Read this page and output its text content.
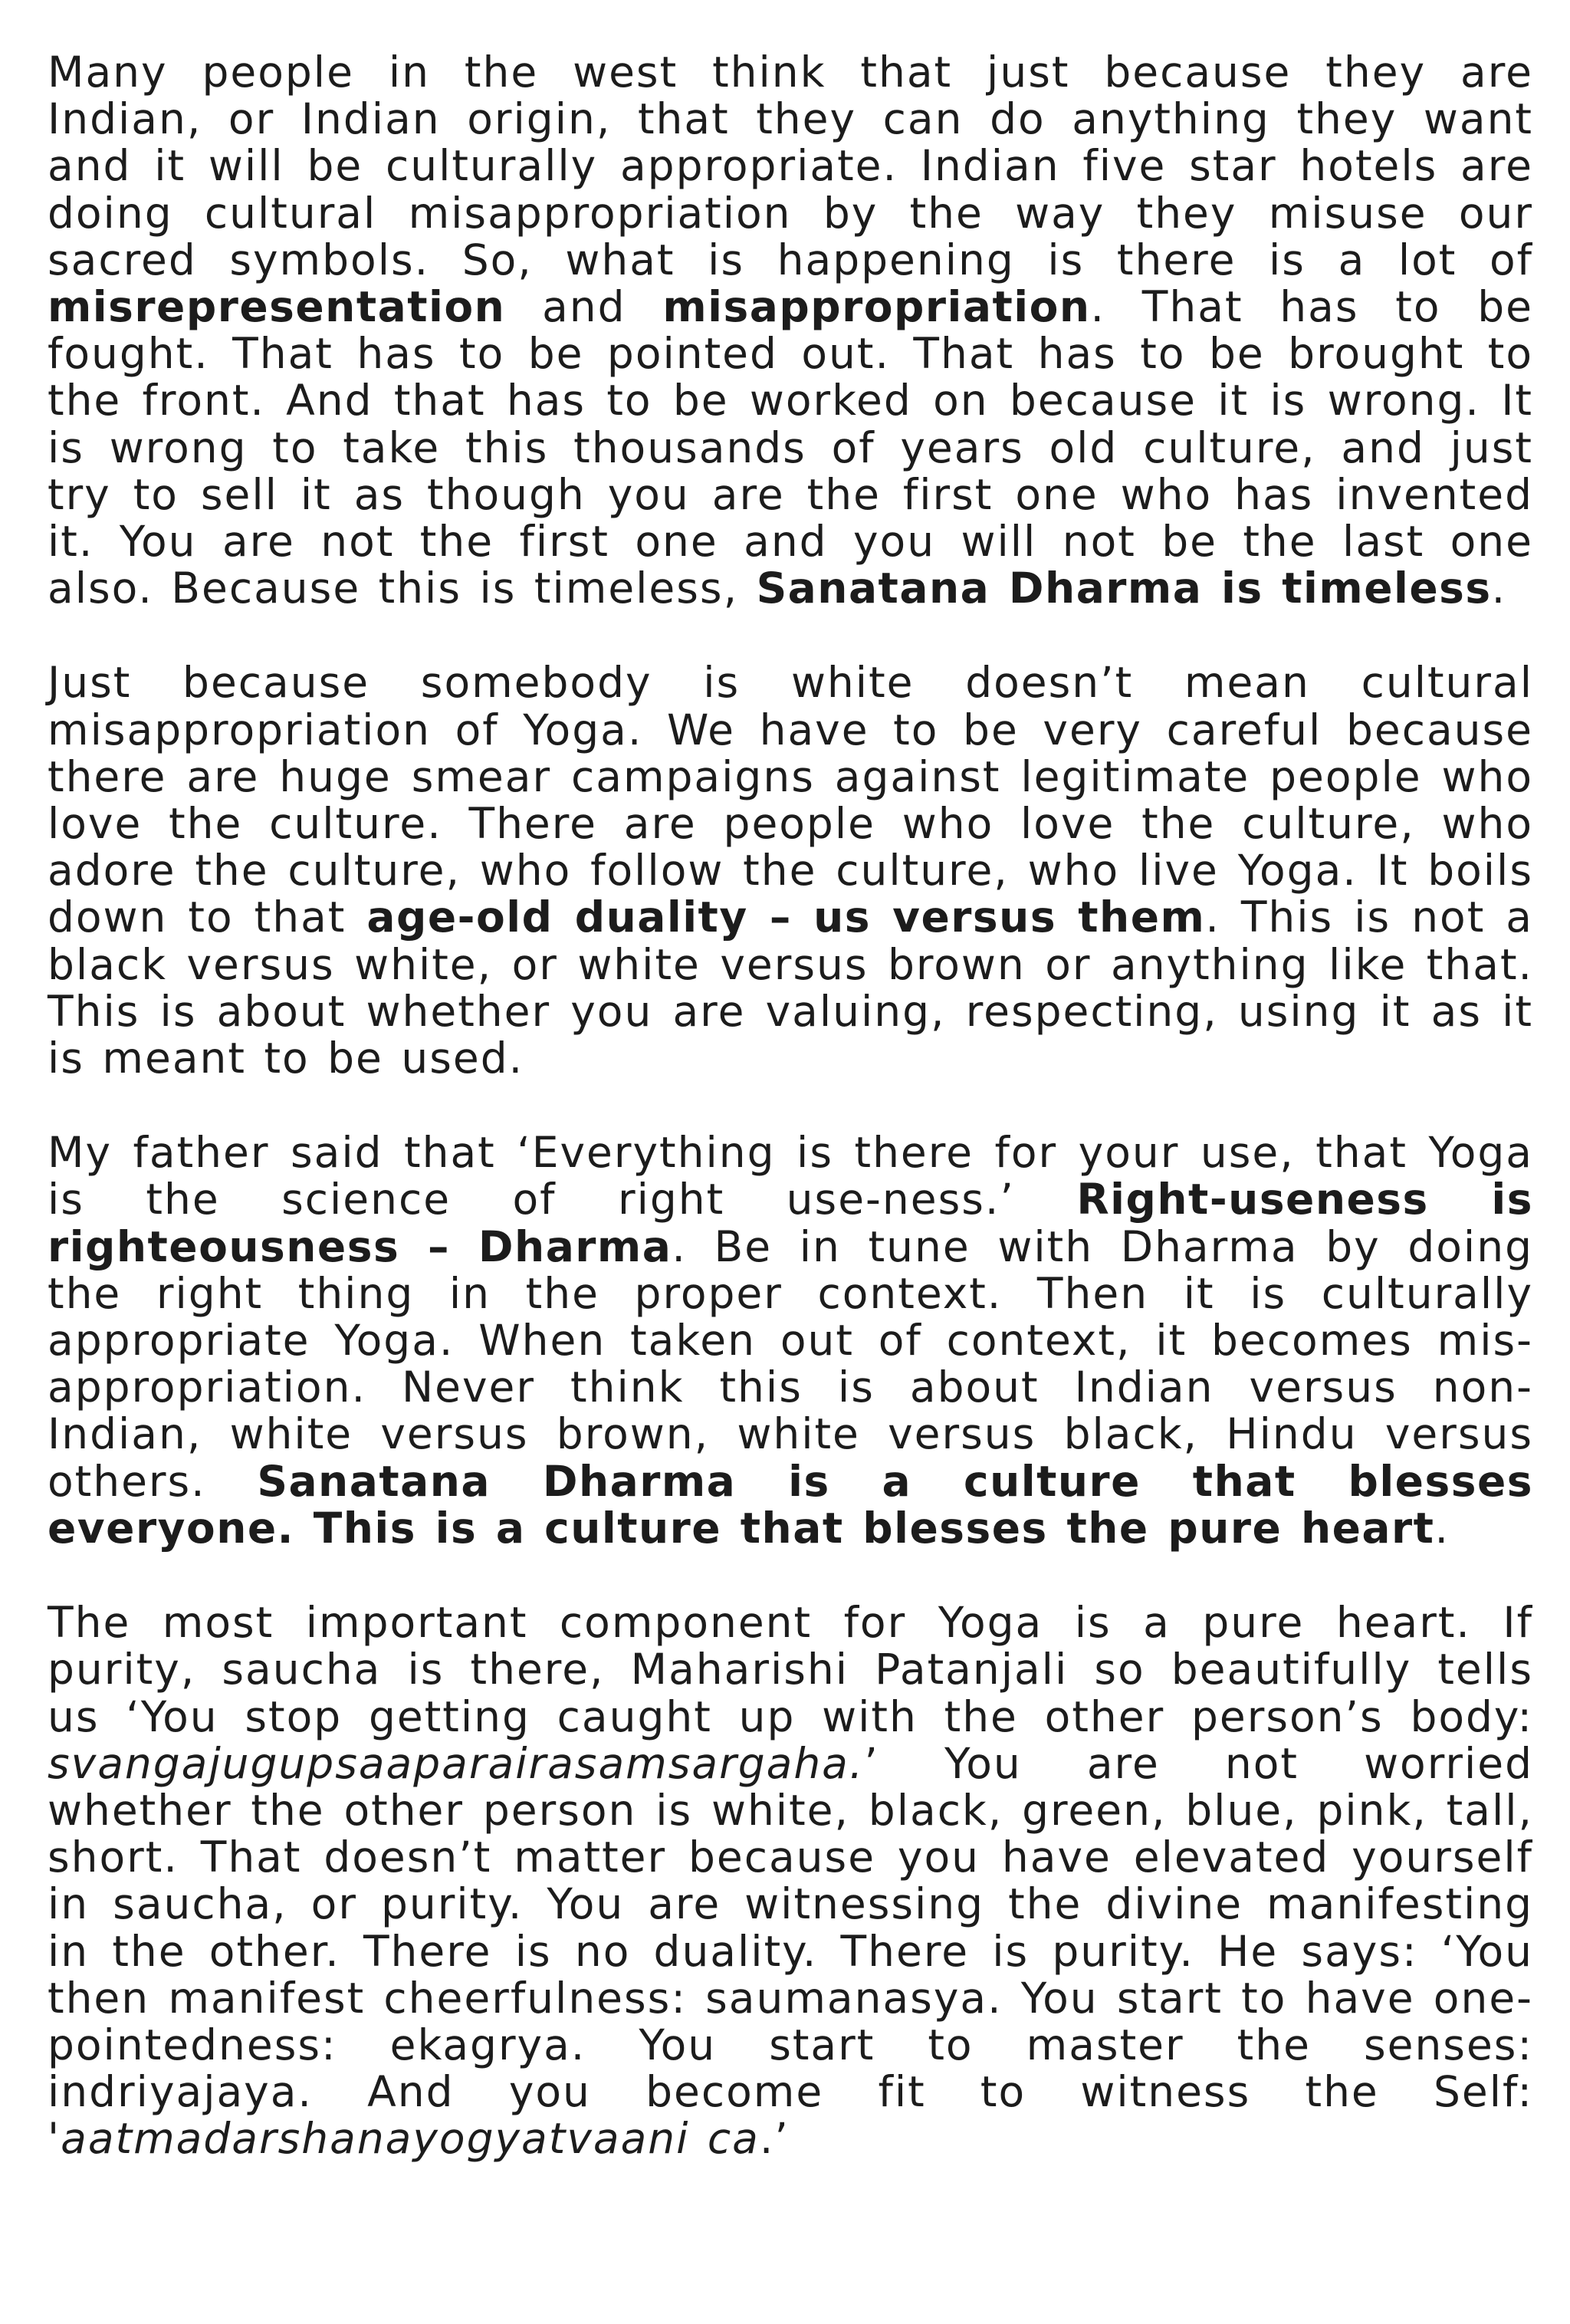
Many people in the west think that just because they are Indian, or Indian origin, that they can do anything they want and it will be culturally appropriate. Indian five star hotels are doing cultural misappropriation by the way they misuse our sacred symbols. So, what is happening is there is a lot of misrepresentation and misappropriation. That has to be fought. That has to be pointed out. That has to be brought to the front. And that has to be worked on because it is wrong. It is wrong to take this thousands of years old culture, and just try to sell it as though you are the first one who has invented it. You are not the first one and you will not be the last one also. Because this is timeless, Sanatana Dharma is timeless.

Just because somebody is white doesn’t mean cultural misappropriation of Yoga. We have to be very careful because there are huge smear campaigns against legitimate people who love the culture. There are people who love the culture, who adore the culture, who follow the culture, who live Yoga. It boils down to that age-old duality – us versus them. This is not a black versus white, or white versus brown or anything like that. This is about whether you are valuing, respecting, using it as it is meant to be used.

My father said that ‘Everything is there for your use, that Yoga is the science of right use-ness.’ Right-useness is righteousness – Dharma. Be in tune with Dharma by doing the right thing in the proper context. Then it is culturally appropriate Yoga. When taken out of context, it becomes mis-appropriation. Never think this is about Indian versus non-Indian, white versus brown, white versus black, Hindu versus others. Sanatana Dharma is a culture that blesses everyone. This is a culture that blesses the pure heart.

The most important component for Yoga is a pure heart. If purity, saucha is there, Maharishi Patanjali so beautifully tells us ‘You stop getting caught up with the other person’s body: svangajugupsaaparairasamsargaha.’ You are not worried whether the other person is white, black, green, blue, pink, tall, short. That doesn’t matter because you have elevated yourself in saucha, or purity. You are witnessing the divine manifesting in the other. There is no duality. There is purity. He says: ‘You then manifest cheerfulness: saumanasya. You start to have one-pointedness: ekagrya. You start to master the senses: indriyajaya. And you become fit to witness the Self: 'aatmadarshanayogyatvaani ca.’
